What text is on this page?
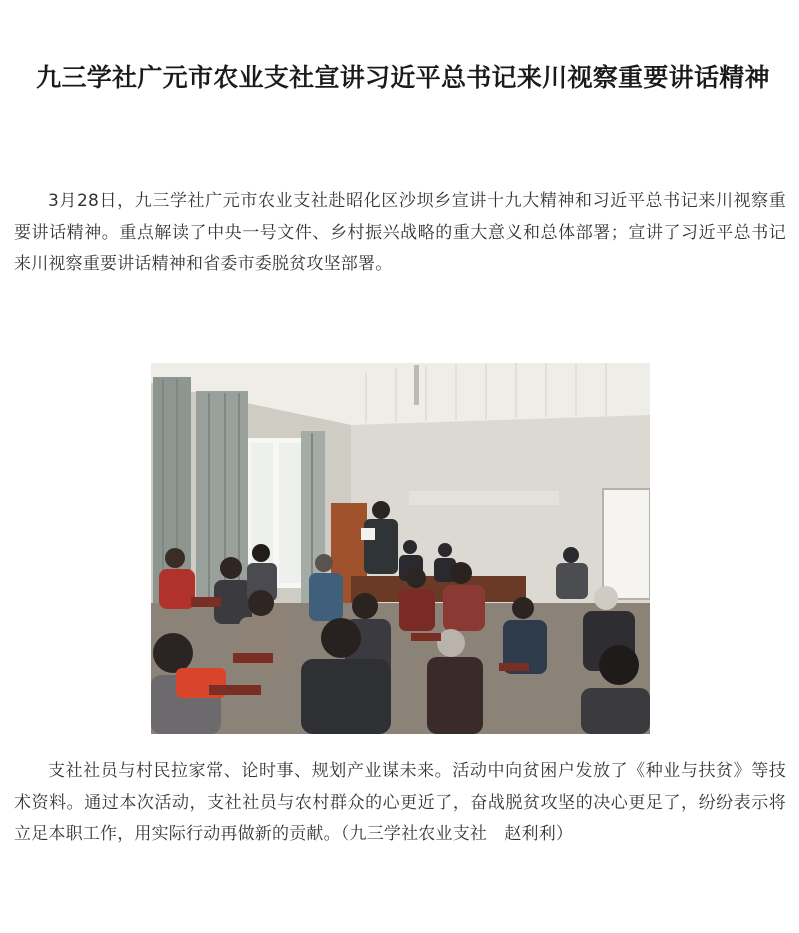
九三学社广元市农业支社宣讲习近平总书记来川视察重要讲话精神

3月28日，九三学社广元市农业支社赴昭化区沙坝乡宣讲十九大精神和习近平总书记来川视察重要讲话精神。重点解读了中央一号文件、乡村振兴战略的重大意义和总体部署；宣讲了习近平总书记来川视察重要讲话精神和省委市委脱贫攻坚部署。

支社社员与村民拉家常、论时事、规划产业谋未来。活动中向贫困户发放了《种业与扶贫》等技术资料。通过本次活动，支社社员与农村群众的心更近了，奋战脱贫攻坚的决心更足了，纷纷表示将立足本职工作，用实际行动再做新的贡献。（九三学社农业支社　赵利利）
